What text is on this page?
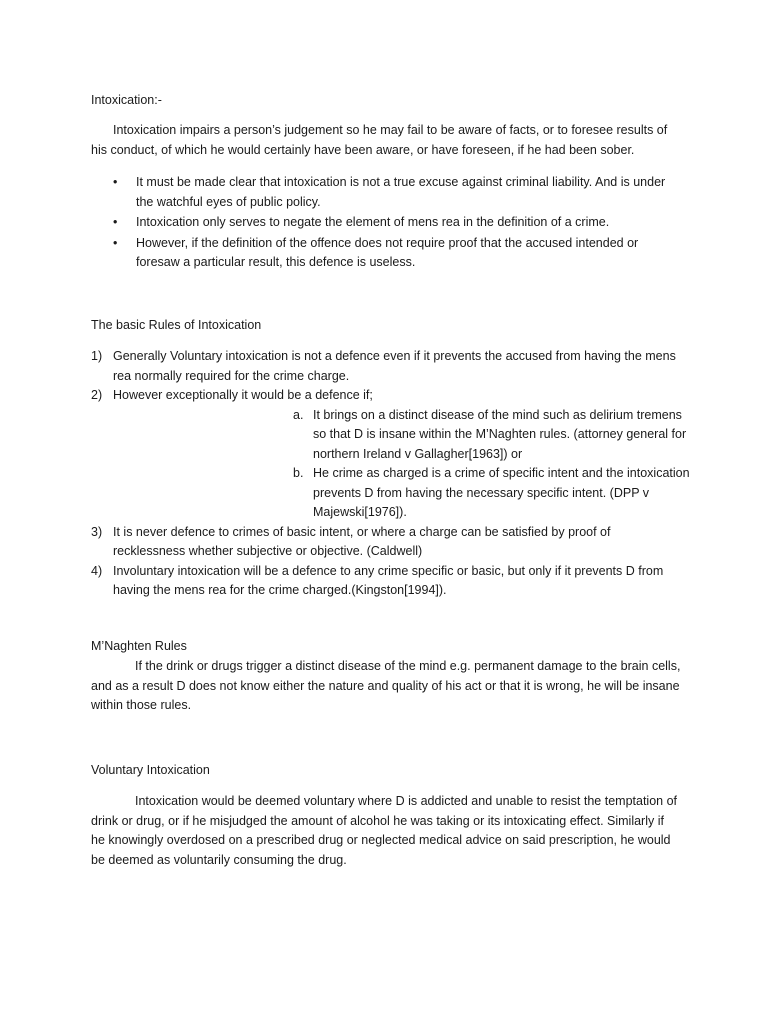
Intoxication:-

Intoxication impairs a person’s judgement so he may fail to be aware of facts, or to foresee results of his conduct, of which he would certainly have been aware, or have foreseen, if he had been sober.

• It must be made clear that intoxication is not a true excuse against criminal liability. And is under the watchful eyes of public policy.
• Intoxication only serves to negate the element of mens rea in the definition of a crime.
• However, if the definition of the offence does not require proof that the accused intended or foresaw a particular result, this defence is useless.

The basic Rules of Intoxication

1) Generally Voluntary intoxication is not a defence even if it prevents the accused from having the mens rea normally required for the crime charge.
2) However exceptionally it would be a defence if;
a. It brings on a distinct disease of the mind such as delirium tremens so that D is insane within the M’Naghten rules. (attorney general for northern Ireland v Gallagher[1963]) or
b. He crime as charged is a crime of specific intent and the intoxication prevents D from having the necessary specific intent. (DPP v Majewski[1976]).
3) It is never defence to crimes of basic intent, or where a charge can be satisfied by proof of recklessness whether subjective or objective. (Caldwell)
4) Involuntary intoxication will be a defence to any crime specific or basic, but only if it prevents D from having the mens rea for the crime charged.(Kingston[1994]).

M’Naghten Rules

If the drink or drugs trigger a distinct disease of the mind e.g. permanent damage to the brain cells, and as a result D does not know either the nature and quality of his act or that it is wrong, he will be insane within those rules.

Voluntary Intoxication

Intoxication would be deemed voluntary where D is addicted and unable to resist the temptation of drink or drug, or if he misjudged the amount of alcohol he was taking or its intoxicating effect. Similarly if he knowingly overdosed on a prescribed drug or neglected medical advice on said prescription, he would be deemed as voluntarily consuming the drug.
